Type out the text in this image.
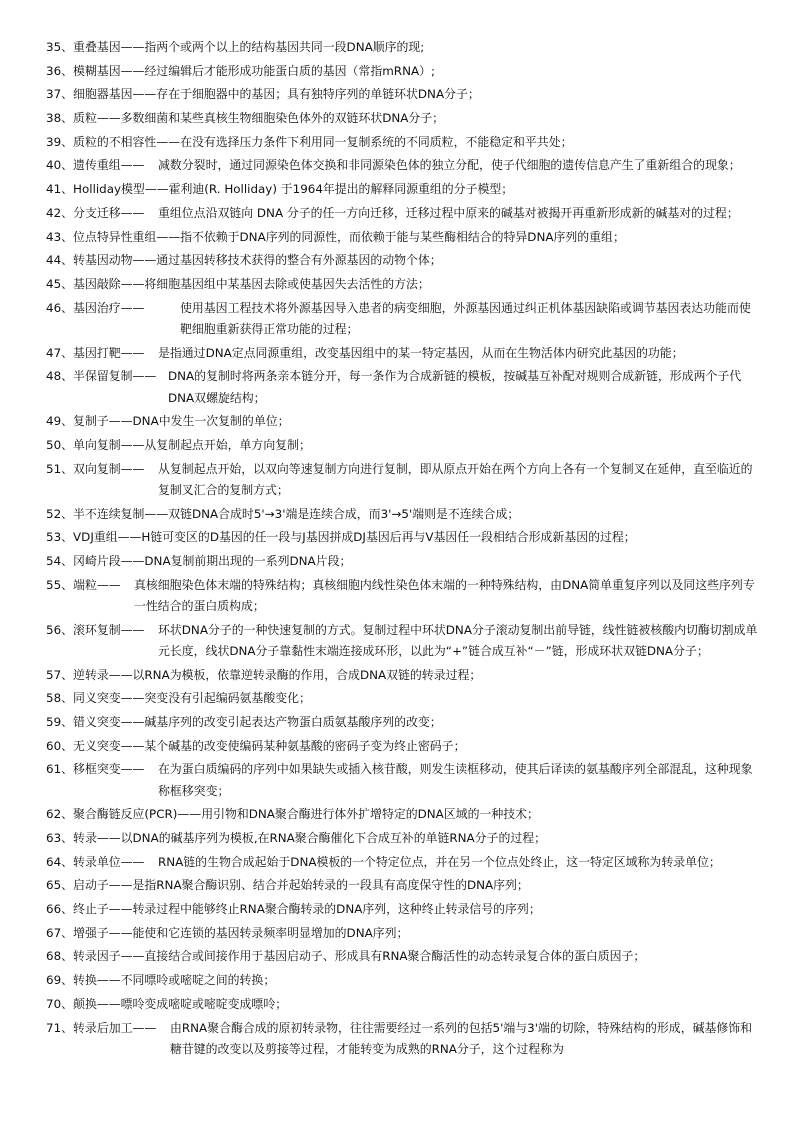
35、重叠基因——指两个或两个以上的结构基因共同一段DNA顺序的现;
36、模糊基因——经过编辑后才能形成功能蛋白质的基因（常指mRNA）;
37、细胞器基因——存在于细胞器中的基因；具有独特序列的单链环状DNA分子；
38、质粒——多数细菌和某些真核生物细胞染色体外的双链环状DNA分子；
39、质粒的不相容性——在没有选择压力条件下利用同一复制系统的不同质粒，不能稳定和平共处；
40、遗传重组—— 减数分裂时，通过同源染色体交换和非同源染色体的独立分配，使子代细胞的遗传信息产生了重新组合的现象；
41、Holliday模型——霍利迪(R. Holliday) 于1964年提出的解释同源重组的分子模型；
42、分支迁移—— 重组位点沿双链向 DNA 分子的任一方向迁移，迁移过程中原来的碱基对被揭开再重新形成新的碱基对的过程；
43、位点特异性重组——指不依赖于DNA序列的同源性，而依赖于能与某些酶相结合的特异DNA序列的重组；
44、转基因动物——通过基因转移技术获得的整合有外源基因的动物个体；
45、基因敲除——将细胞基因组中某基因去除或使基因失去活性的方法；
46、基因治疗——	使用基因工程技术将外源基因导入患者的病变细胞，外源基因通过纠正机体基因缺陷或调节基因表达功能而使靶细胞重新获得正常功能的过程；
47、基因打靶—— 是指通过DNA定点同源重组，改变基因组中的某一特定基因，从而在生物活体内研究此基因的功能；
48、半保留复制—— DNA的复制时将两条亲本链分开，每一条作为合成新链的模板，按碱基互补配对规则合成新链，形成两个子代DNA双螺旋结构；
49、复制子——DNA中发生一次复制的单位；
50、单向复制——从复制起点开始，单方向复制；
51、双向复制—— 从复制起点开始，以双向等速复制方向进行复制，即从原点开始在两个方向上各有一个复制叉在延伸，直至临近的复制叉汇合的复制方式；
52、半不连续复制——双链DNA合成时5'→3'端是连续合成，而3'→5'端则是不连续合成；
53、VDJ重组——H链可变区的D基因的任一段与J基因拼成DJ基因后再与V基因任一段相结合形成新基因的过程；
54、冈崎片段——DNA复制前期出现的一系列DNA片段；
55、端粒—— 真核细胞染色体末端的特殊结构；真核细胞内线性染色体末端的一种特殊结构，由DNA简单重复序列以及同这些序列专一性结合的蛋白质构成；
56、滚环复制—— 环状DNA分子的一种快速复制的方式。复制过程中环状DNA分子滚动复制出前导链，线性链被核酸内切酶切割成单元长度，线状DNA分子靠黏性末端连接成环形，以此为“+”链合成互补“－”链，形成环状双链DNA分子；
57、逆转录——以RNA为模板，依靠逆转录酶的作用，合成DNA双链的转录过程；
58、同义突变——突变没有引起编码氨基酸变化；
59、错义突变——碱基序列的改变引起表达产物蛋白质氨基酸序列的改变；
60、无义突变——某个碱基的改变使编码某种氨基酸的密码子变为终止密码子；
61、移框突变—— 在为蛋白质编码的序列中如果缺失或插入核苷酸，则发生读框移动，使其后译读的氨基酸序列全部混乱，这种现象称框移突变；
62、聚合酶链反应(PCR)——用引物和DNA聚合酶进行体外扩增特定的DNA区域的一种技术；
63、转录——以DNA的碱基序列为模板,在RNA聚合酶催化下合成互补的单链RNA分子的过程；
64、转录单位—— RNA链的生物合成起始于DNA模板的一个特定位点，并在另一个位点处终止，这一特定区域称为转录单位；
65、启动子——是指RNA聚合酶识别、结合并起始转录的一段具有高度保守性的DNA序列；
66、终止子——转录过程中能够终止RNA聚合酶转录的DNA序列，这种终止转录信号的序列；
67、增强子——能使和它连锁的基因转录频率明显增加的DNA序列；
68、转录因子——直接结合或间接作用于基因启动子、形成具有RNA聚合酶活性的动态转录复合体的蛋白质因子；
69、转换——不同嘌呤或嘧啶之间的转换；
70、颠换——嘌呤变成嘧啶或嘧啶变成嘌呤；
71、转录后加工—— 由RNA聚合酶合成的原初转录物，往往需要经过一系列的包括5'端与3'端的切除，特殊结构的形成，碱基修饰和糖苷键的改变以及剪接等过程，才能转变为成熟的RNA分子，这个过程称为
